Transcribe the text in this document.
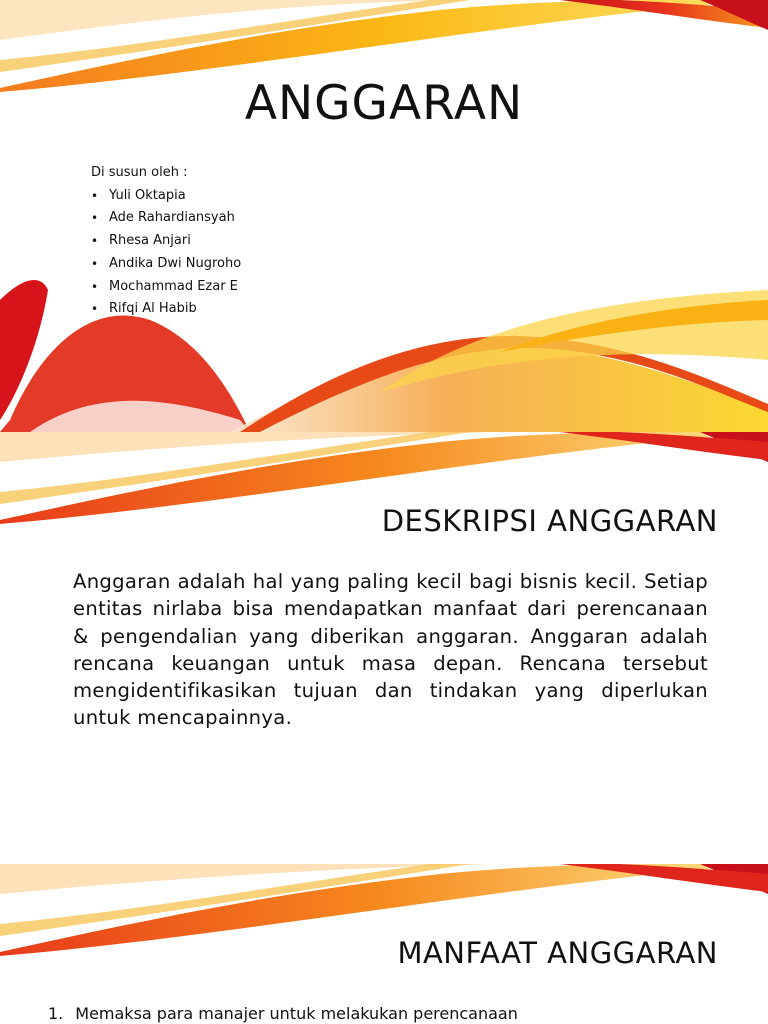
ANGGARAN
Di susun oleh :
• Yuli Oktapia
• Ade Rahardiansyah
• Rhesa Anjari
• Andika Dwi Nugroho
• Mochammad Ezar E
• Rifqi Al Habib
DESKRIPSI ANGGARAN

Anggaran adalah hal yang paling kecil bagi bisnis kecil. Setiap entitas nirlaba bisa mendapatkan manfaat dari perencanaan & pengendalian yang diberikan anggaran. Anggaran adalah rencana keuangan untuk masa depan. Rencana tersebut mengidentifikasikan tujuan dan tindakan yang diperlukan untuk mencapainnya.

MANFAAT ANGGARAN
1. Memaksa para manajer untuk melakukan perencanaan
